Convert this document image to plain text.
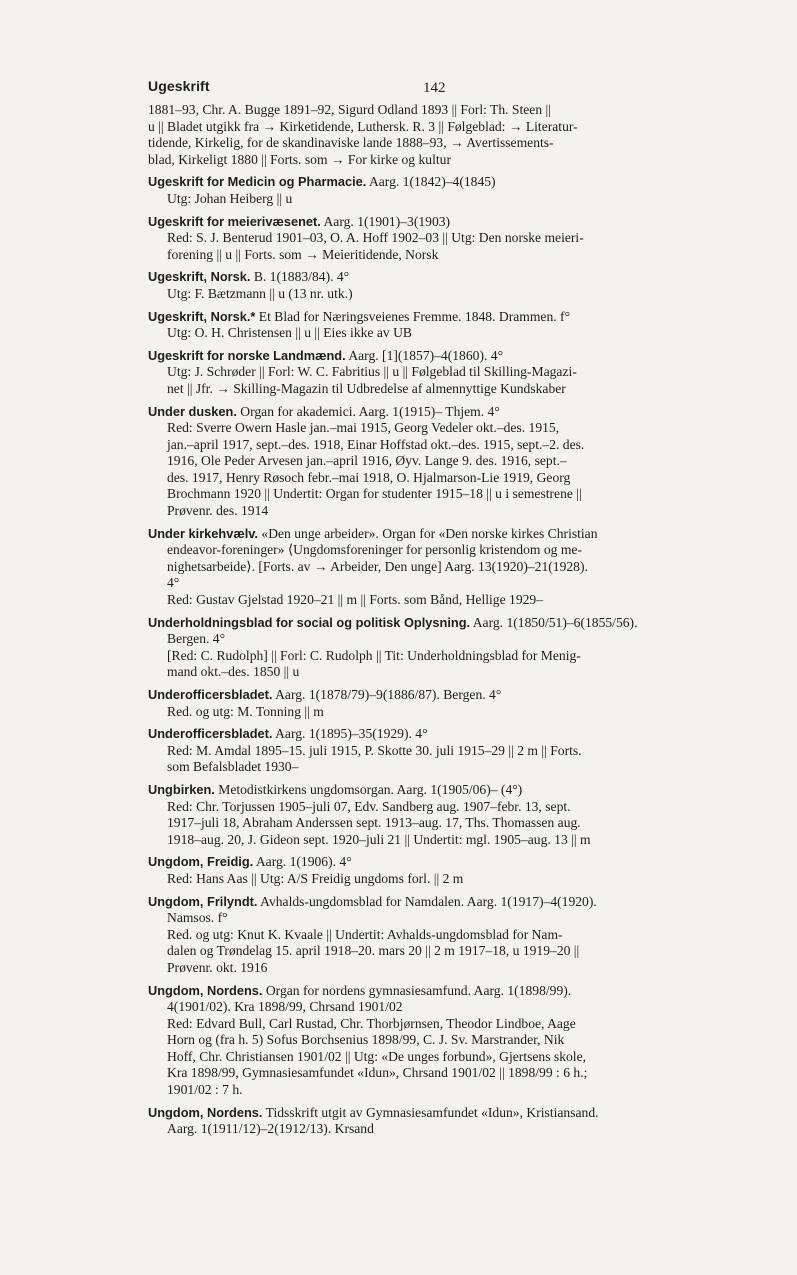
Ugeskrift	142
1881–93, Chr. A. Bugge 1891–92, Sigurd Odland 1893 || Forl: Th. Steen ||
u || Bladet utgikk fra → Kirketidende, Luthersk. R. 3 || Følgeblad: → Literatur-
tidende, Kirkelig, for de skandinaviske lande 1888–93, → Avertissements-
blad, Kirkeligt 1880 || Forts. som → For kirke og kultur
Ugeskrift for Medicin og Pharmacie. Aarg. 1(1842)–4(1845)
Utg: Johan Heiberg || u
Ugeskrift for meierivæsenet. Aarg. 1(1901)–3(1903)
Red: S. J. Benterud 1901–03, O. A. Hoff 1902–03 || Utg: Den norske meieri-
forening || u || Forts. som → Meieritidende, Norsk
Ugeskrift, Norsk. B. 1(1883/84). 4°
Utg: F. Bætzmann || u (13 nr. utk.)
Ugeskrift, Norsk.* Et Blad for Næringsveienes Fremme. 1848. Drammen. f°
Utg: O. H. Christensen || u || Eies ikke av UB
Ugeskrift for norske Landmænd. Aarg. [1](1857)–4(1860). 4°
Utg: J. Schrøder || Forl: W. C. Fabritius || u || Følgeblad til Skilling-Magazi-
net || Jfr. → Skilling-Magazin til Udbredelse af almennyttige Kundskaber
Under dusken. Organ for akademici. Aarg. 1(1915)– Thjem. 4°
Red: Sverre Owern Hasle jan.–mai 1915, Georg Vedeler okt.–des. 1915,
jan.–april 1917, sept.–des. 1918, Einar Hoffstad okt.–des. 1915, sept.–2. des.
1916, Ole Peder Arvesen jan.–april 1916, Øyv. Lange 9. des. 1916, sept.–
des. 1917, Henry Røsoch febr.–mai 1918, O. Hjalmarson-Lie 1919, Georg
Brochmann 1920 || Undertit: Organ for studenter 1915–18 || u i semestrene ||
Prøvenr. des. 1914
Under kirkehvælv. «Den unge arbeider». Organ for «Den norske kirkes Christian
endeavor-foreninger» ⟨Ungdomsforeninger for personlig kristendom og me-
nighetsarbeide⟩. [Forts. av → Arbeider, Den unge] Aarg. 13(1920)–21(1928).
4°
Red: Gustav Gjelstad 1920–21 || m || Forts. som Bånd, Hellige 1929–
Underholdningsblad for social og politisk Oplysning. Aarg. 1(1850/51)–6(1855/56).
Bergen. 4°
[Red: C. Rudolph] || Forl: C. Rudolph || Tit: Underholdningsblad for Menig-
mand okt.–des. 1850 || u
Underofficersbladet. Aarg. 1(1878/79)–9(1886/87). Bergen. 4°
Red. og utg: M. Tonning || m
Underofficersbladet. Aarg. 1(1895)–35(1929). 4°
Red: M. Amdal 1895–15. juli 1915, P. Skotte 30. juli 1915–29 || 2 m || Forts.
som Befalsbladet 1930–
Ungbirken. Metodistkirkens ungdomsorgan. Aarg. 1(1905/06)– (4°)
Red: Chr. Torjussen 1905–juli 07, Edv. Sandberg aug. 1907–febr. 13, sept.
1917–juli 18, Abraham Anderssen sept. 1913–aug. 17, Ths. Thomassen aug.
1918–aug. 20, J. Gideon sept. 1920–juli 21 || Undertit: mgl. 1905–aug. 13 || m
Ungdom, Freidig. Aarg. 1(1906). 4°
Red: Hans Aas || Utg: A/S Freidig ungdoms forl. || 2 m
Ungdom, Frilyndt. Avhalds-ungdomsblad for Namdalen. Aarg. 1(1917)–4(1920).
Namsos. f°
Red. og utg: Knut K. Kvaale || Undertit: Avhalds-ungdomsblad for Nam-
dalen og Trøndelag 15. april 1918–20. mars 20 || 2 m 1917–18, u 1919–20 ||
Prøvenr. okt. 1916
Ungdom, Nordens. Organ for nordens gymnasiesamfund. Aarg. 1(1898/99).
4(1901/02). Kra 1898/99, Chrsand 1901/02
Red: Edvard Bull, Carl Rustad, Chr. Thorbjørnsen, Theodor Lindboe, Aage
Horn og (fra h. 5) Sofus Borchsenius 1898/99, C. J. Sv. Marstrander, Nik
Hoff, Chr. Christiansen 1901/02 || Utg: «De unges forbund», Gjertsens skole,
Kra 1898/99, Gymnasiesamfundet «Idun», Chrsand 1901/02 || 1898/99 : 6 h.;
1901/02 : 7 h.
Ungdom, Nordens. Tidsskrift utgit av Gymnasiesamfundet «Idun», Kristiansand.
Aarg. 1(1911/12)–2(1912/13). Krsand
